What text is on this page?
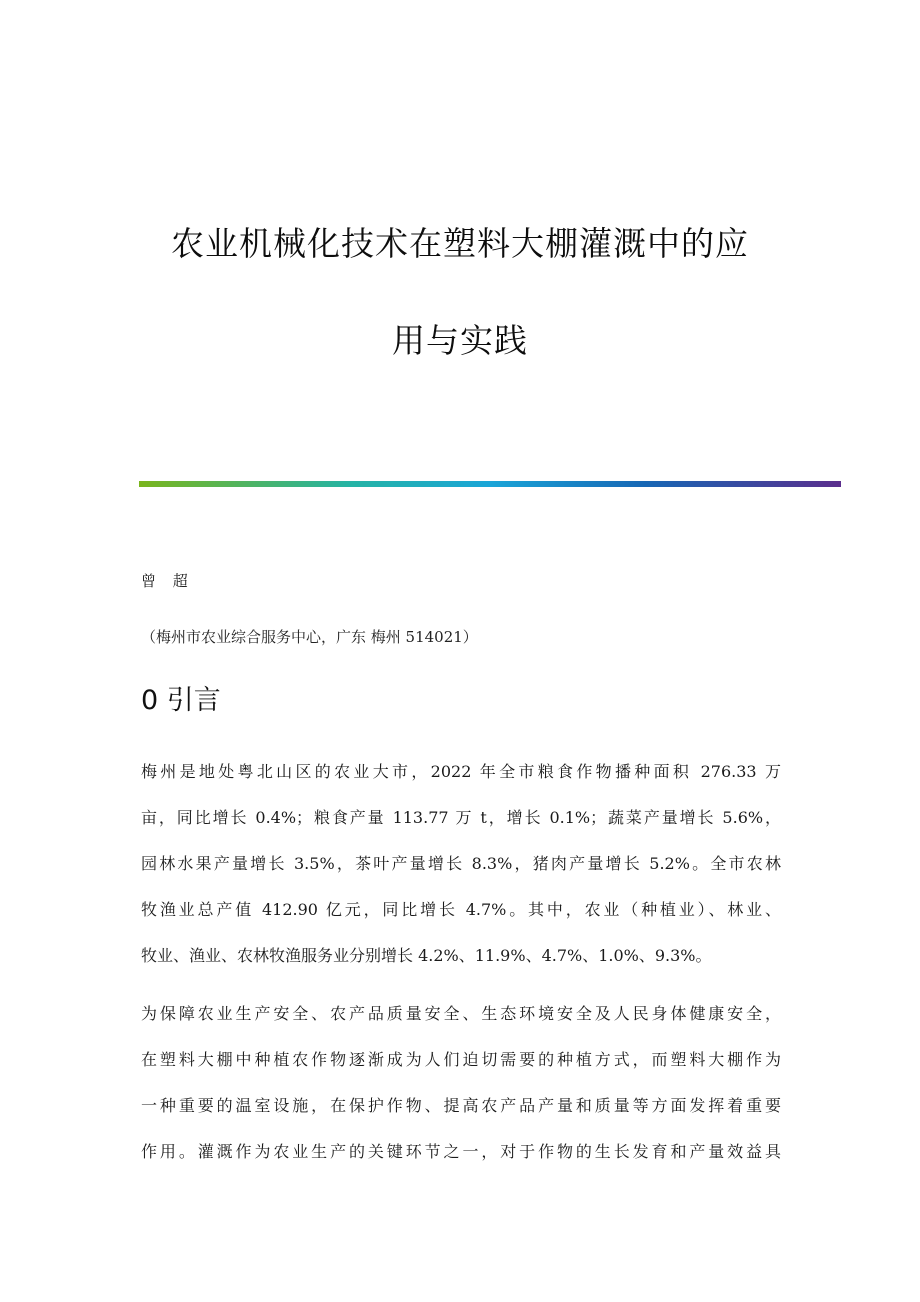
农业机械化技术在塑料大棚灌溉中的应
用与实践
曾 超
（梅州市农业综合服务中心，广东 梅州 514021）
0 引言
梅州是地处粤北山区的农业大市，2022 年全市粮食作物播种面积 276.33 万
亩，同比增长 0.4%；粮食产量 113.77 万 t，增长 0.1%；蔬菜产量增长 5.6%，
园林水果产量增长 3.5%，茶叶产量增长 8.3%，猪肉产量增长 5.2%。全市农林
牧渔业总产值 412.90 亿元，同比增长 4.7%。其中，农业（种植业）、林业、
牧业、渔业、农林牧渔服务业分别增长 4.2%、11.9%、4.7%、1.0%、9.3%。
为保障农业生产安全、农产品质量安全、生态环境安全及人民身体健康安全，
在塑料大棚中种植农作物逐渐成为人们迫切需要的种植方式，而塑料大棚作为
一种重要的温室设施，在保护作物、提高农产品产量和质量等方面发挥着重要
作用。灌溉作为农业生产的关键环节之一，对于作物的生长发育和产量效益具
